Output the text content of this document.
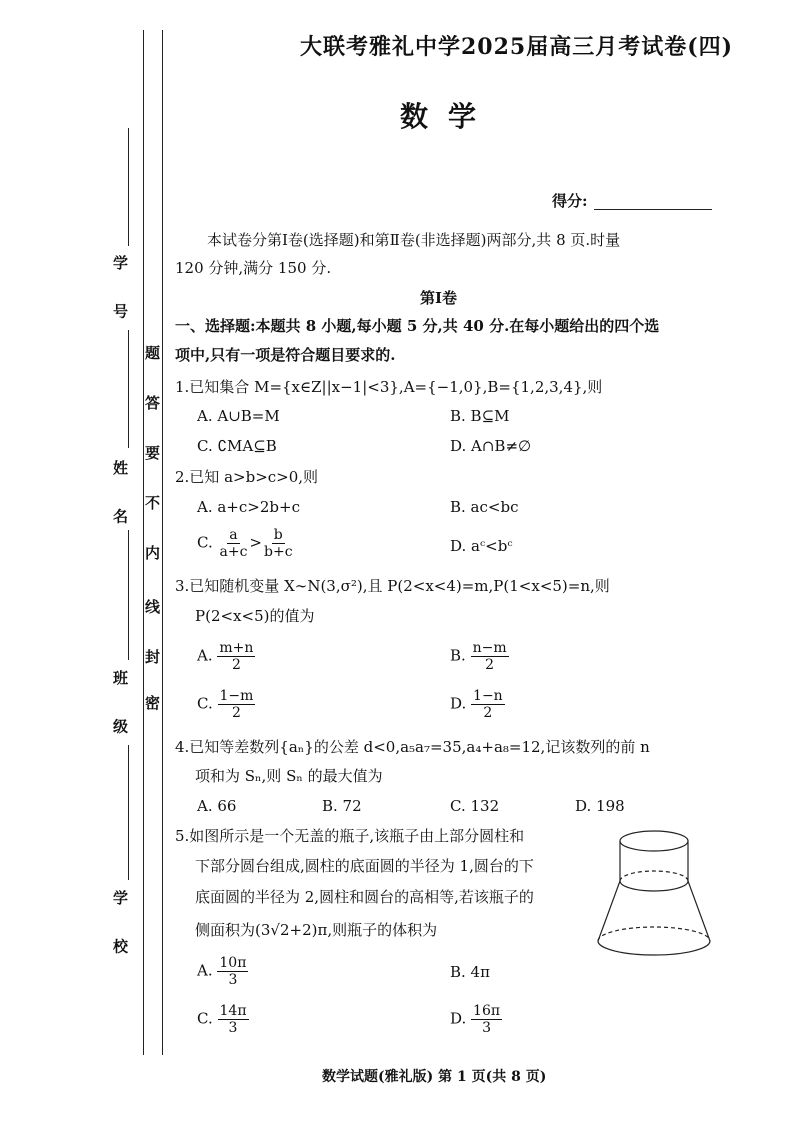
学 号
姓 名
班 级
学 校
密
封
线
内
不
要
答
题
大联考雅礼中学2025届高三月考试卷(四)
数学
得分:
本试卷分第Ⅰ卷(选择题)和第Ⅱ卷(非选择题)两部分,共 8 页.时量
120 分钟,满分 150 分.
第Ⅰ卷
一、选择题:本题共 8 小题,每小题 5 分,共 40 分.在每小题给出的四个选
项中,只有一项是符合题目要求的.
1.已知集合 M={x∈Z||x−1|<3},A={−1,0},B={1,2,3,4},则
A. A∪B=M	B. B⊆M
C. ∁MA⊆B	D. A∩B≠∅
2.已知 a>b>c>0,则
A. a+c>2b+c	B. ac<bc
C. $\frac{a}{a+c} > \frac{b}{b+c}$	D. aᶜ<bᶜ
3.已知随机变量 X∼N(3,σ²),且 P(2<x<4)=m,P(1<x<5)=n,则
P(2<x<5)的值为
A. $\frac{m+n}{2}$	B. $\frac{n-m}{2}$
C. $\frac{1-m}{2}$	D. $\frac{1-n}{2}$
4.已知等差数列{aₙ}的公差 d<0,a₅a₇=35,a₄+a₈=12,记该数列的前 n
项和为 Sₙ,则 Sₙ 的最大值为
A. 66	B. 72	C. 132	D. 198
5.如图所示是一个无盖的瓶子,该瓶子由上部分圆柱和
下部分圆台组成,圆柱的底面圆的半径为 1,圆台的下
底面圆的半径为 2,圆柱和圆台的高相等,若该瓶子的
侧面积为(3√2+2)π,则瓶子的体积为
A. $\frac{10\pi}{3}$	B. 4π
C. $\frac{14\pi}{3}$	D. $\frac{16\pi}{3}$
数学试题(雅礼版) 第 1 页(共 8 页)
